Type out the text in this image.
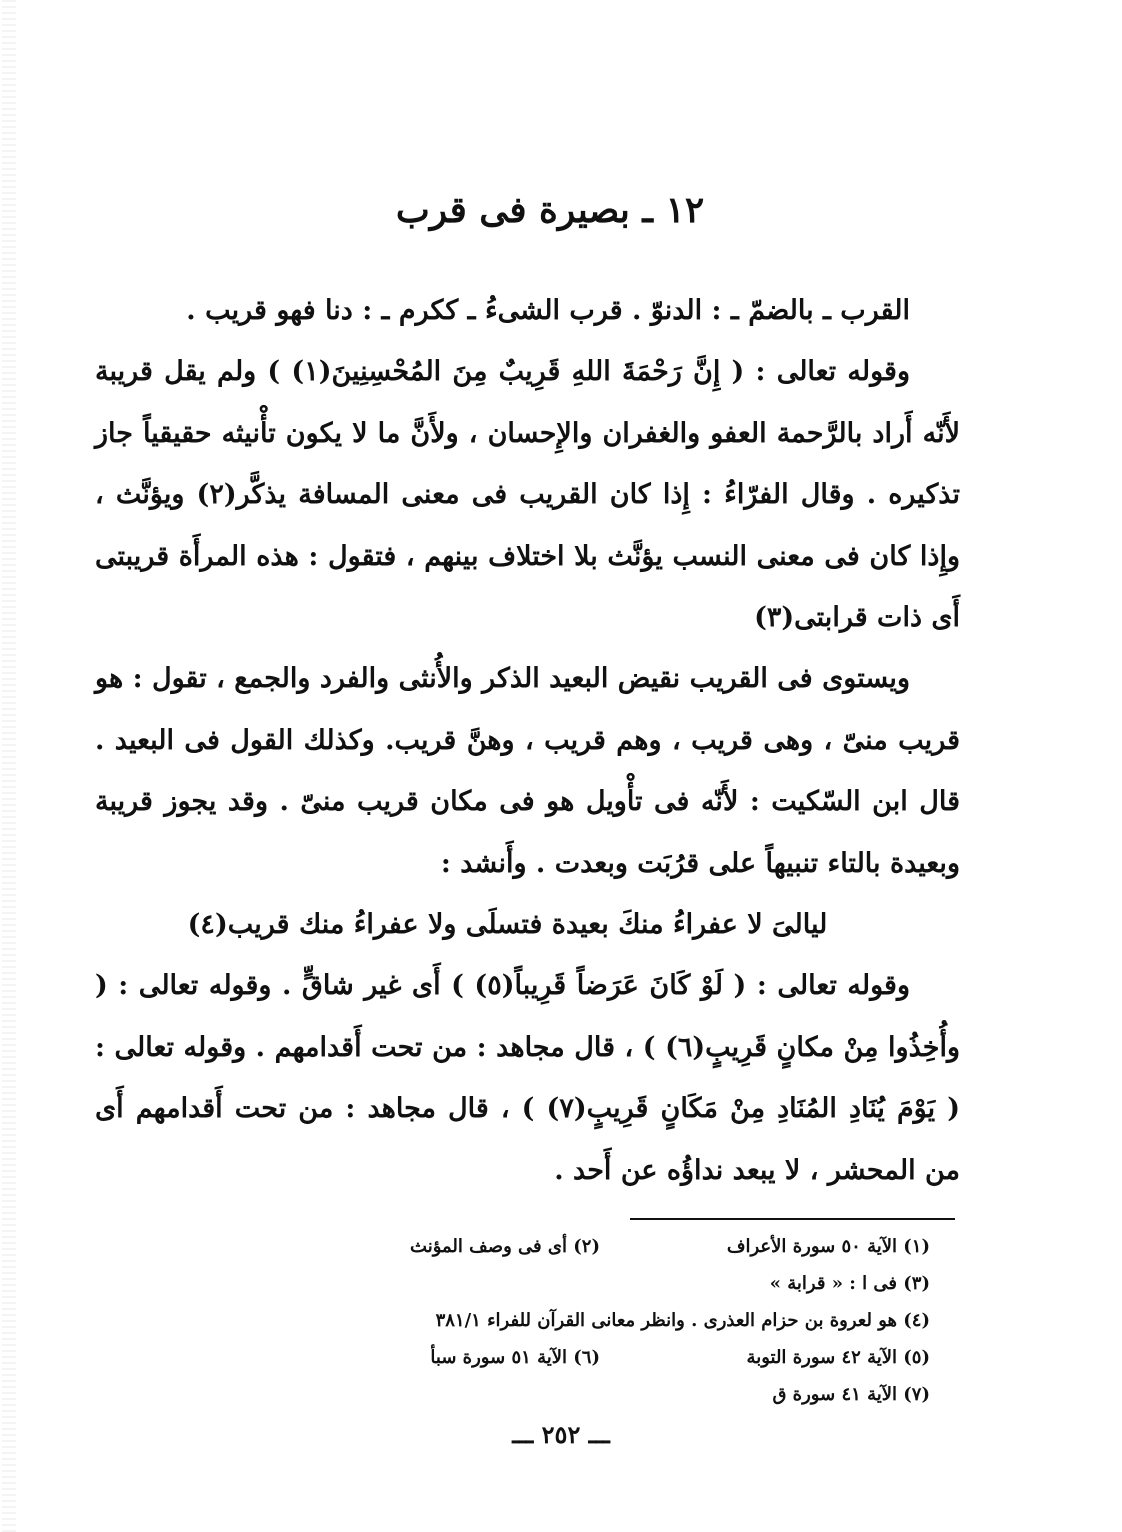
١٢ ـ بصيرة فى قرب

القرب ـ بالضمّ ـ : الدنوّ . قرب الشىءُ ـ ككرم ـ : دنا فهو قريب .

وقوله تعالى : ( إِنَّ رَحْمَةَ اللهِ قَرِيبٌ مِنَ المُحْسِنِينَ(١) ) ولم يقل قريبة لأَنّه أَراد بالرَّحمة العفو والغفران والإِحسان ، ولأَنَّ ما لا يكون تأْنيثه حقيقياً جاز تذكيره . وقال الفرّاءُ : إِذا كان القريب فى معنى المسافة يذكَّر(٢) ويؤنَّث ، وإِذا كان فى معنى النسب يؤنَّث بلا اختلاف بينهم ، فتقول : هذه المرأَة قريبتى أَى ذات قرابتى(٣)

ويستوى فى القريب نقيض البعيد الذكر والأُنثى والفرد والجمع ، تقول : هو قريب منىّ ، وهى قريب ، وهم قريب ، وهنَّ قريب. وكذلك القول فى البعيد . قال ابن السّكيت : لأَنّه فى تأْويل هو فى مكان قريب منىّ . وقد يجوز قريبة وبعيدة بالتاء تنبيهاً على قرُبَت وبعدت . وأَنشد :

ليالىَ لا عفراءُ منكَ بعيدة فتسلَى ولا عفراءُ منك قريب(٤)

وقوله تعالى : ( لَوْ كَانَ عَرَضاً قَرِيباً(٥) ) أَى غير شاقٍّ . وقوله تعالى : ( وأُخِذُوا مِنْ مكانٍ قَرِيبٍ(٦) ) ، قال مجاهد : من تحت أَقدامهم . وقوله تعالى : ( يَوْمَ يُنَادِ المُنَادِ مِنْ مَكَانٍ قَرِيبٍ(٧) ) ، قال مجاهد : من تحت أَقدامهم أَى من المحشر ، لا يبعد نداؤُه عن أَحد .

(١) الآية ٥٠ سورة الأعراف
(٢) أى فى وصف المؤنث
(٣) فى ا : « قرابة »
(٤) هو لعروة بن حزام العذرى . وانظر معانى القرآن للفراء ٣٨١/١
(٥) الآية ٤٢ سورة التوبة
(٦) الآية ٥١ سورة سبأ
(٧) الآية ٤١ سورة ق
ـــ ٢٥٢ ـــ
